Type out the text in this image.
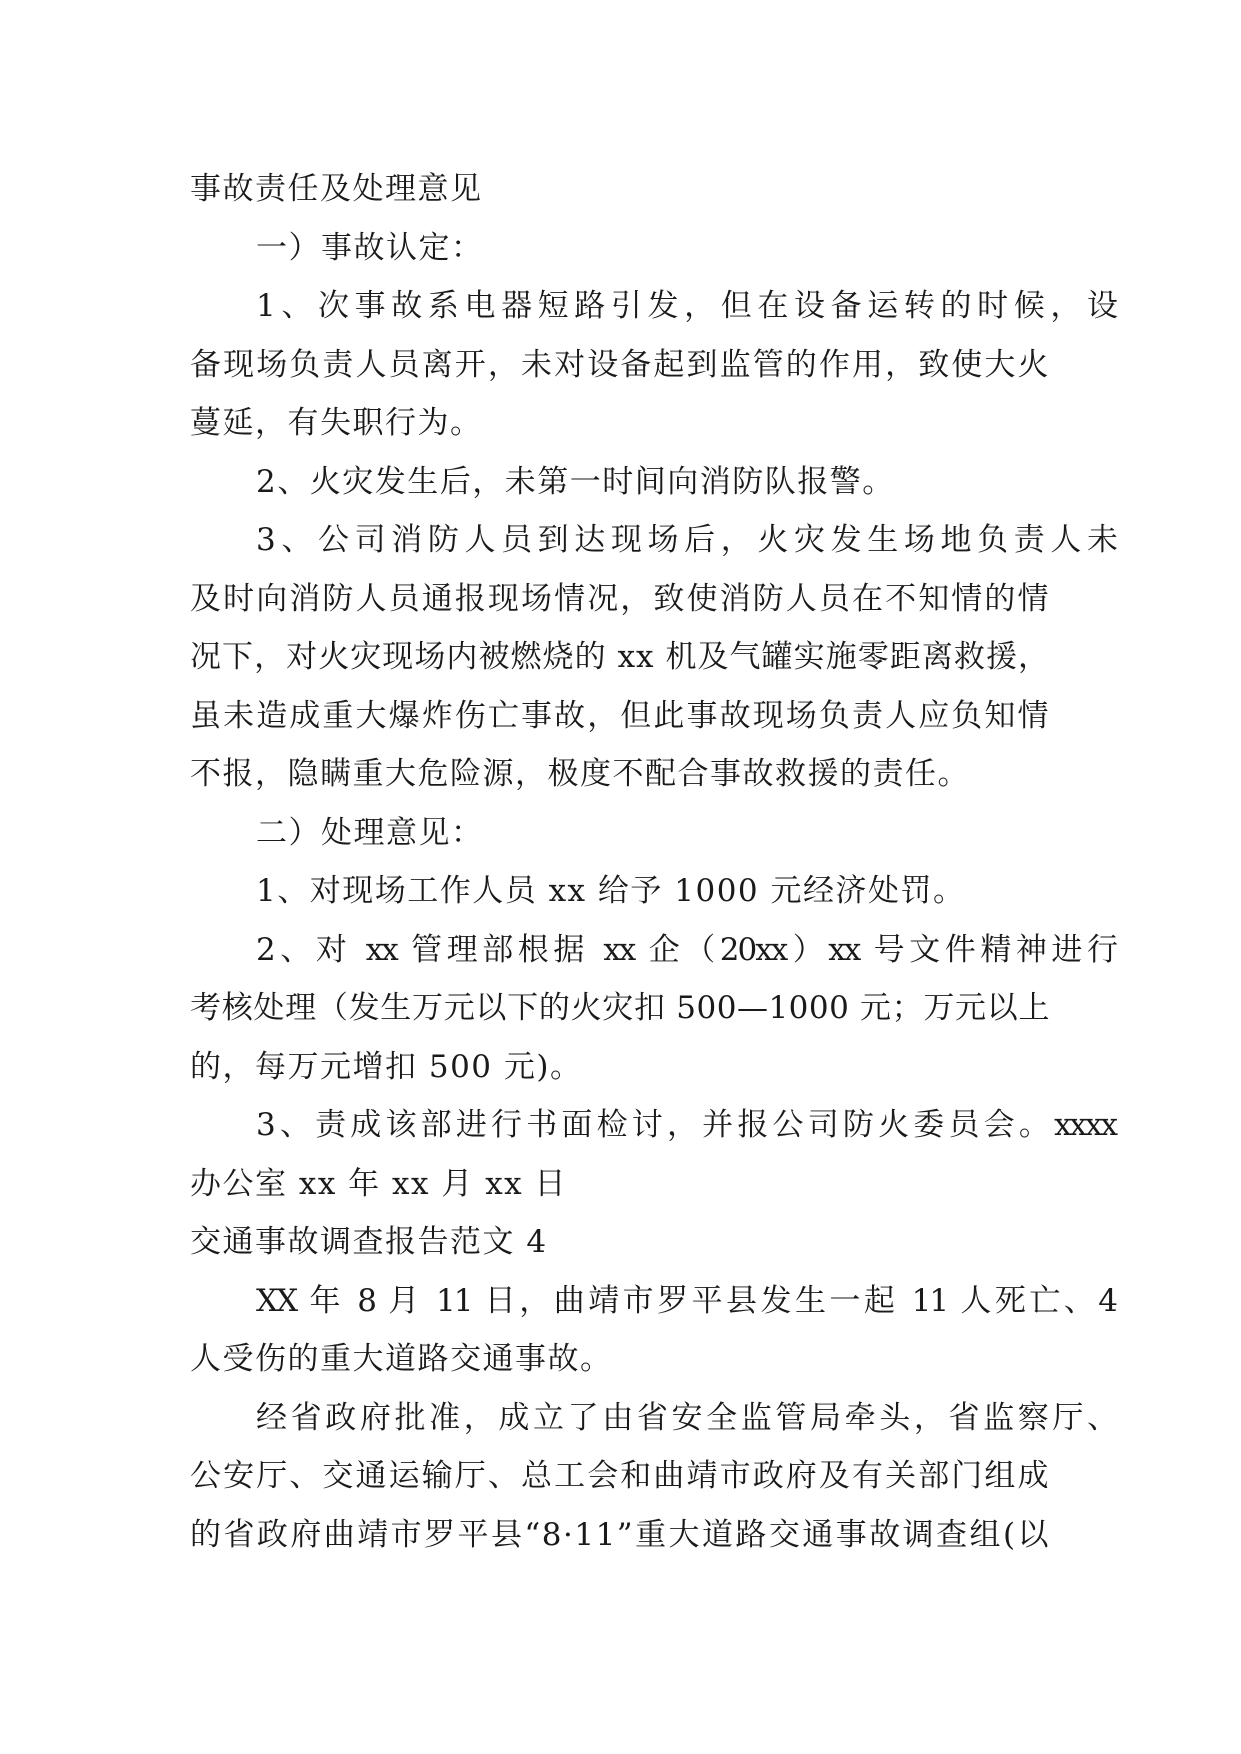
事故责任及处理意见
一）事故认定：
1、次事故系电器短路引发，但在设备运转的时候，设
备现场负责人员离开，未对设备起到监管的作用，致使大火
蔓延，有失职行为。
2、火灾发生后，未第一时间向消防队报警。
3、公司消防人员到达现场后，火灾发生场地负责人未
及时向消防人员通报现场情况，致使消防人员在不知情的情
况下，对火灾现场内被燃烧的 xx 机及气罐实施零距离救援，
虽未造成重大爆炸伤亡事故，但此事故现场负责人应负知情
不报，隐瞒重大危险源，极度不配合事故救援的责任。
二）处理意见：
1、对现场工作人员 xx 给予 1000 元经济处罚。
2、对 xx 管理部根据 xx 企（20xx）xx 号文件精神进行
考核处理（发生万元以下的火灾扣 500—1000 元；万元以上
的，每万元增扣 500 元)。
3、责成该部进行书面检讨，并报公司防火委员会。xxxx
办公室 xx 年 xx 月 xx 日
交通事故调查报告范文 4
XX 年 8 月 11 日，曲靖市罗平县发生一起 11 人死亡、4
人受伤的重大道路交通事故。
经省政府批准，成立了由省安全监管局牵头，省监察厅、
公安厅、交通运输厅、总工会和曲靖市政府及有关部门组成
的省政府曲靖市罗平县“8·11”重大道路交通事故调查组(以
